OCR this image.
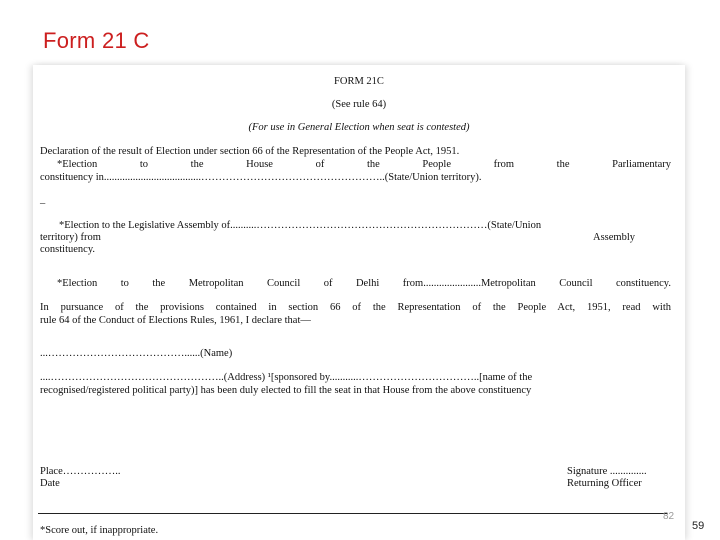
Form 21 C
FORM 21C
(See rule 64)
(For use in General Election when seat is contested)
Declaration of the result of Election under section 66 of the Representation of the People Act, 1951.
*Election to the House of the People from the Parliamentary
constituency in.....................................……………………………………………..(State/Union territory).
–
*Election to the Legislative Assembly of..........…………………………………………………………(State/Union
territory) from	Assembly
constituency.
*Election to the Metropolitan Council of Delhi from......................Metropolitan Council constituency.
In pursuance of the provisions contained in section 66 of the Representation of the People Act, 1951, read with
rule 64 of the Conduct of Elections Rules, 1961, I declare that—
...…………………………………......(Name)
....…………………………………………..(Address) ¹[sponsored by...........……………………………..[name of the
recognised/registered political party)] has been duly elected to fill the seat in that House from the above constituency
Place……………..
Date
Signature ..............
Returning Officer
82
*Score out, if inappropriate.	59
